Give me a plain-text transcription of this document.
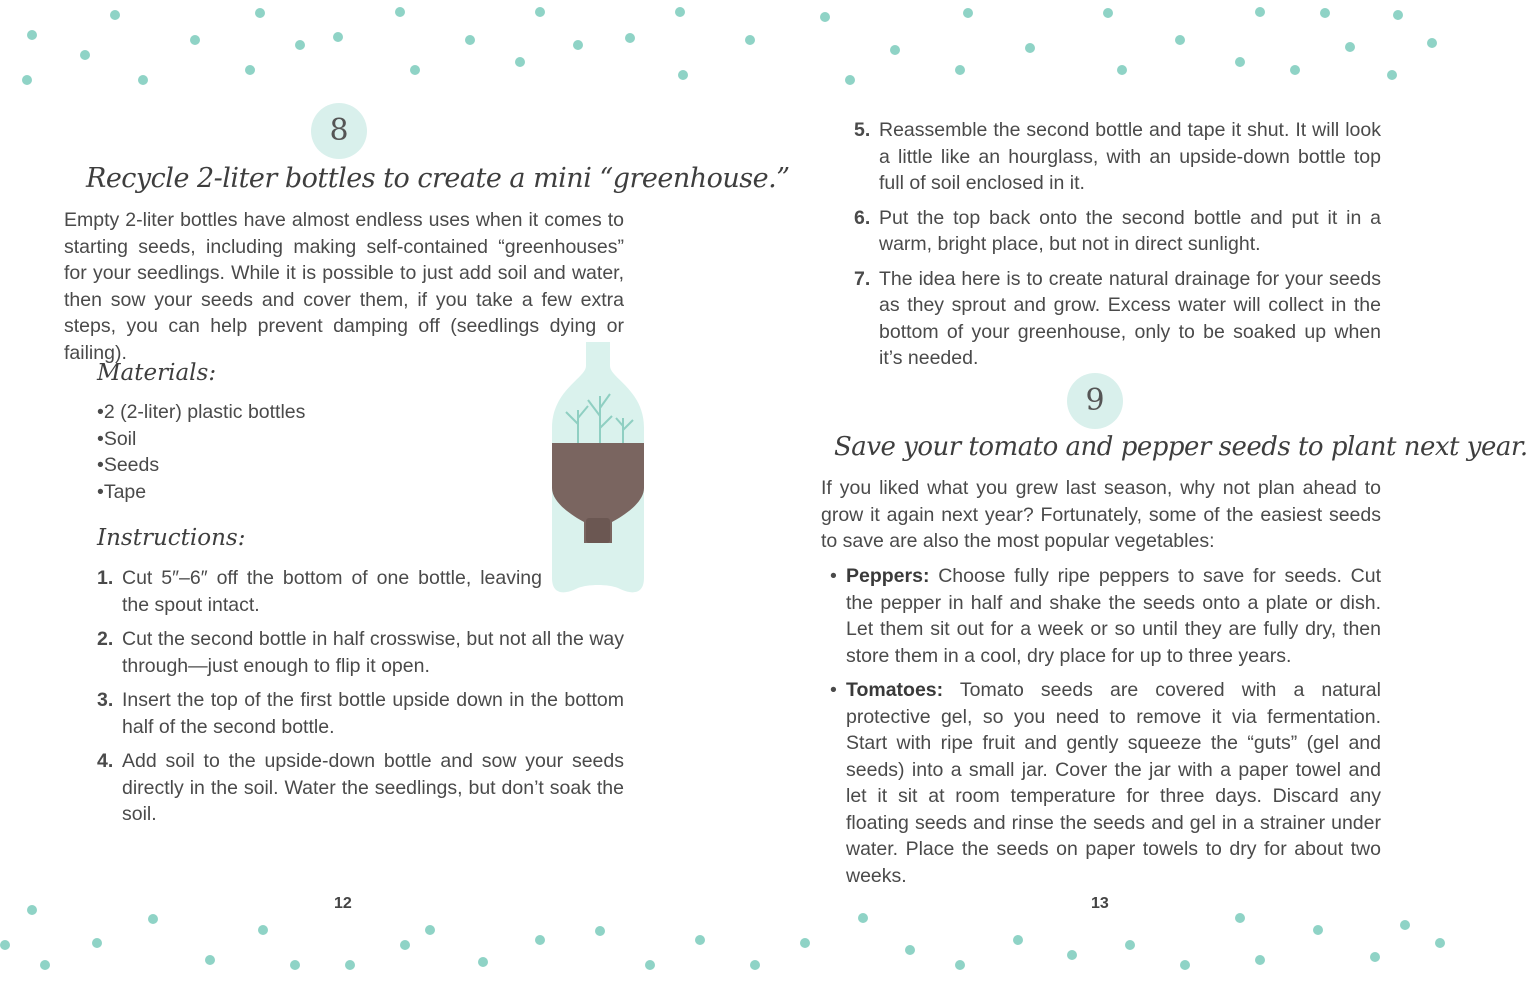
8
Recycle 2-liter bottles to create a mini “greenhouse.”
Empty 2-liter bottles have almost endless uses when it comes to starting seeds, including making self-contained “greenhouses” for your seedlings. While it is possible to just add soil and water, then sow your seeds and cover them, if you take a few extra steps, you can help prevent damping off (seedlings dying or failing).
Materials:
• 2 (2-liter) plastic bottles
• Soil
• Seeds
• Tape
Instructions:
1. Cut 5″–6″ off the bottom of one bottle, leaving the spout intact.
2. Cut the second bottle in half crosswise, but not all the way through—just enough to flip it open.
3. Insert the top of the first bottle upside down in the bottom half of the second bottle.
4. Add soil to the upside-down bottle and sow your seeds directly in the soil. Water the seedlings, but don’t soak the soil.
12
5. Reassemble the second bottle and tape it shut. It will look a little like an hourglass, with an upside-down bottle top full of soil enclosed in it.
6. Put the top back onto the second bottle and put it in a warm, bright place, but not in direct sunlight.
7. The idea here is to create natural drainage for your seeds as they sprout and grow. Excess water will collect in the bottom of your greenhouse, only to be soaked up when it’s needed.
9
Save your tomato and pepper seeds to plant next year.
If you liked what you grew last season, why not plan ahead to grow it again next year? Fortunately, some of the easiest seeds to save are also the most popular vegetables:
• Peppers: Choose fully ripe peppers to save for seeds. Cut the pepper in half and shake the seeds onto a plate or dish. Let them sit out for a week or so until they are fully dry, then store them in a cool, dry place for up to three years.
• Tomatoes: Tomato seeds are covered with a natural protective gel, so you need to remove it via fermentation. Start with ripe fruit and gently squeeze the “guts” (gel and seeds) into a small jar. Cover the jar with a paper towel and let it sit at room temperature for three days. Discard any floating seeds and rinse the seeds and gel in a strainer under water. Place the seeds on paper towels to dry for about two weeks.
13
